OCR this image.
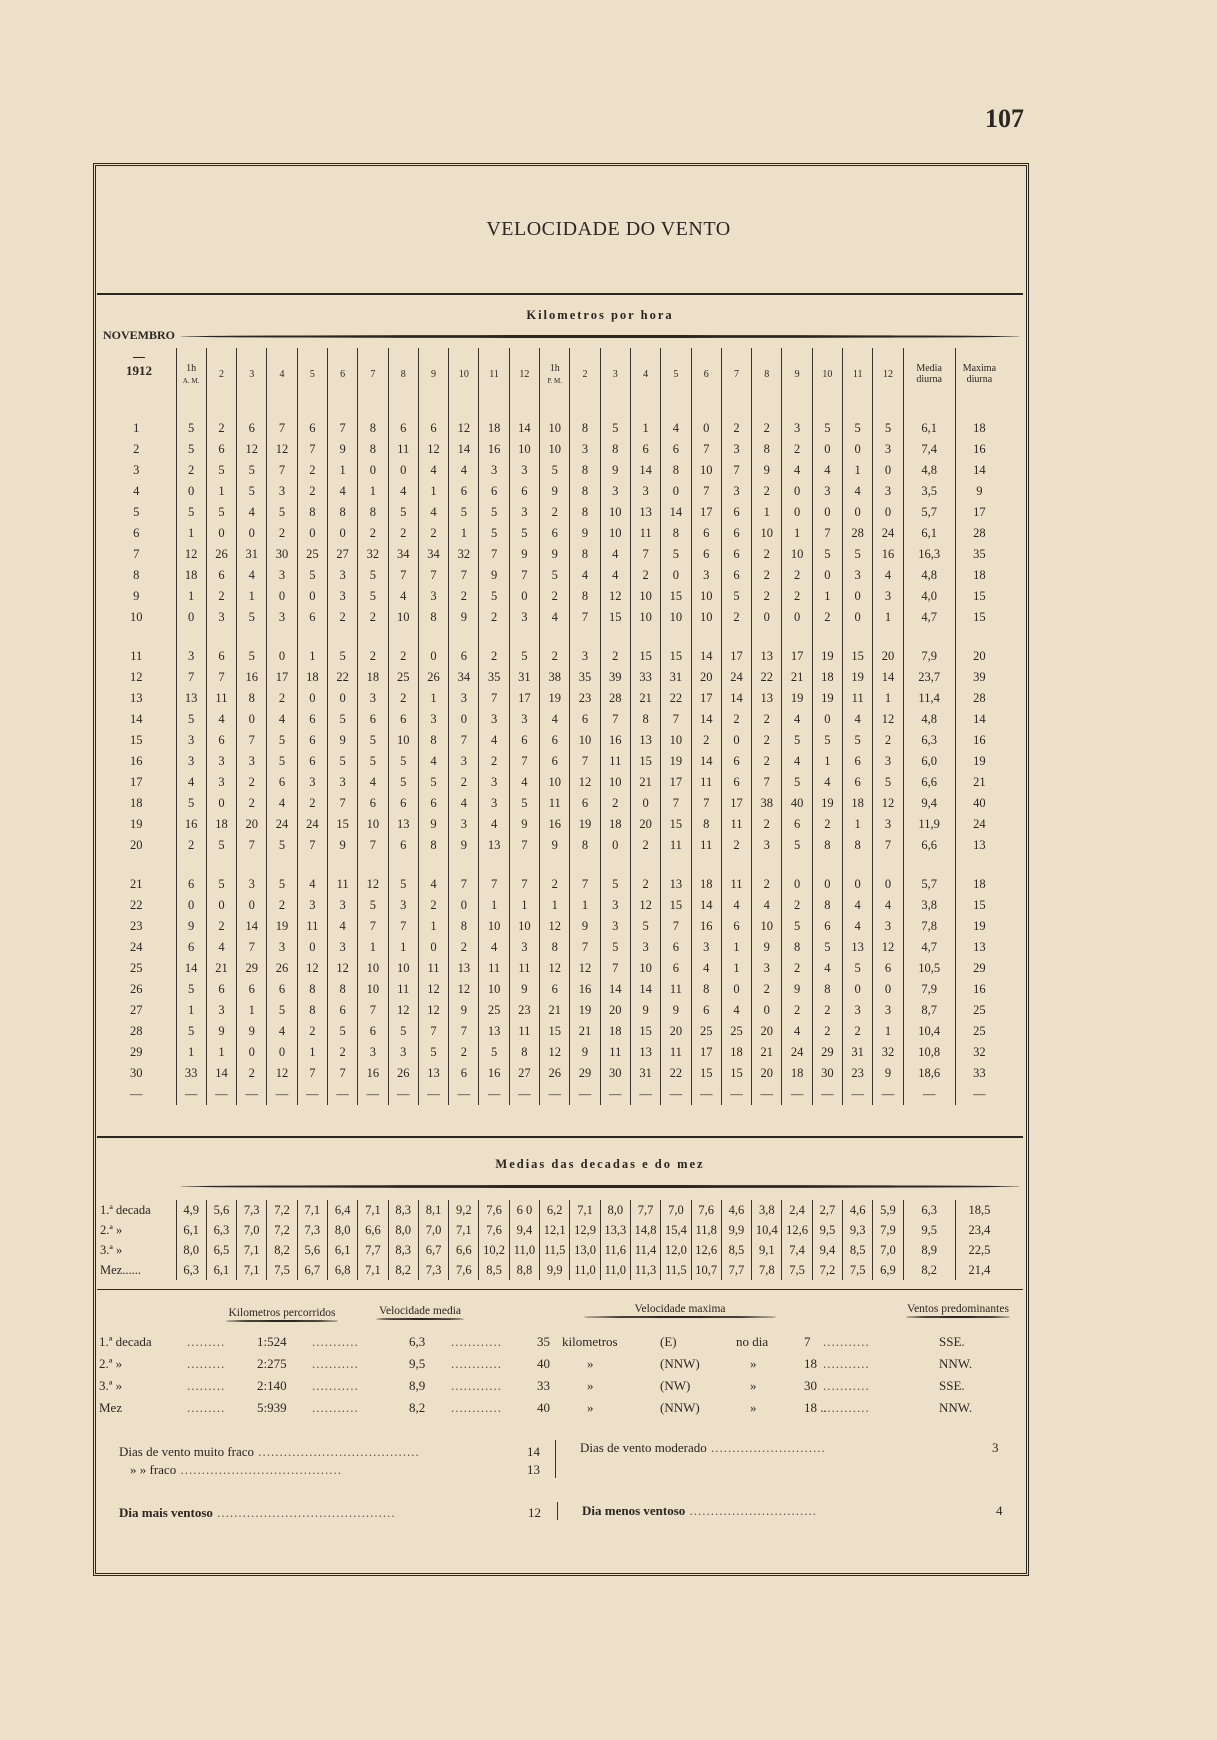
107
VELOCIDADE DO VENTO
Kilometros por hora
NOVEMBRO
1912
		1h
A. M.	2	3	4	5	6	7	8	9	10	11	12	1h
P. M.	2	3	4	5	6	7	8	9	10	11	12	Media diurna	Maxima diurna

1	5	2	6	7	6	7	8	6	6	12	18	14	10	8	5	1	4	0	2	2	3	5	5	5	6,1	18
2	5	6	12	12	7	9	8	11	12	14	16	10	10	3	8	6	6	7	3	8	2	0	0	3	7,4	16
3	2	5	5	7	2	1	0	0	4	4	3	3	5	8	9	14	8	10	7	9	4	4	1	0	4,8	14
4	0	1	5	3	2	4	1	4	1	6	6	6	9	8	3	3	0	7	3	2	0	3	4	3	3,5	9
5	5	5	4	5	8	8	8	5	4	5	5	3	2	8	10	13	14	17	6	1	0	0	0	0	5,7	17
6	1	0	0	2	0	0	2	2	2	1	5	5	6	9	10	11	8	6	6	10	1	7	28	24	6,1	28
7	12	26	31	30	25	27	32	34	34	32	7	9	9	8	4	7	5	6	6	2	10	5	5	16	16,3	35
8	18	6	4	3	5	3	5	7	7	7	9	7	5	4	4	2	0	3	6	2	2	0	3	4	4,8	18
9	1	2	1	0	0	3	5	4	3	2	5	0	2	8	12	10	15	10	5	2	2	1	0	3	4,0	15
10	0	3	5	3	6	2	2	10	8	9	2	3	4	7	15	10	10	10	2	0	0	2	0	1	4,7	15

11	3	6	5	0	1	5	2	2	0	6	2	5	2	3	2	15	15	14	17	13	17	19	15	20	7,9	20
12	7	7	16	17	18	22	18	25	26	34	35	31	38	35	39	33	31	20	24	22	21	18	19	14	23,7	39
13	13	11	8	2	0	0	3	2	1	3	7	17	19	23	28	21	22	17	14	13	19	19	11	1	11,4	28
14	5	4	0	4	6	5	6	6	3	0	3	3	4	6	7	8	7	14	2	2	4	0	4	12	4,8	14
15	3	6	7	5	6	9	5	10	8	7	4	6	6	10	16	13	10	2	0	2	5	5	5	2	6,3	16
16	3	3	3	5	6	5	5	5	4	3	2	7	6	7	11	15	19	14	6	2	4	1	6	3	6,0	19
17	4	3	2	6	3	3	4	5	5	2	3	4	10	12	10	21	17	11	6	7	5	4	6	5	6,6	21
18	5	0	2	4	2	7	6	6	6	4	3	5	11	6	2	0	7	7	17	38	40	19	18	12	9,4	40
19	16	18	20	24	24	15	10	13	9	3	4	9	16	19	18	20	15	8	11	2	6	2	1	3	11,9	24
20	2	5	7	5	7	9	7	6	8	9	13	7	9	8	0	2	11	11	2	3	5	8	8	7	6,6	13

21	6	5	3	5	4	11	12	5	4	7	7	7	2	7	5	2	13	18	11	2	0	0	0	0	5,7	18
22	0	0	0	2	3	3	5	3	2	0	1	1	1	1	3	12	15	14	4	4	2	8	4	4	3,8	15
23	9	2	14	19	11	4	7	7	1	8	10	10	12	9	3	5	7	16	6	10	5	6	4	3	7,8	19
24	6	4	7	3	0	3	1	1	0	2	4	3	8	7	5	3	6	3	1	9	8	5	13	12	4,7	13
25	14	21	29	26	12	12	10	10	11	13	11	11	12	12	7	10	6	4	1	3	2	4	5	6	10,5	29
26	5	6	6	6	8	8	10	11	12	12	10	9	6	16	14	14	11	8	0	2	9	8	0	0	7,9	16
27	1	3	1	5	8	6	7	12	12	9	25	23	21	19	20	9	9	6	4	0	2	2	3	3	8,7	25
28	5	9	9	4	2	5	6	5	7	7	13	11	15	21	18	15	20	25	25	20	4	2	2	1	10,4	25
29	1	1	0	0	1	2	3	3	5	2	5	8	12	9	11	13	11	17	18	21	24	29	31	32	10,8	32
30	33	14	2	12	7	7	16	26	13	6	16	27	26	29	30	31	22	15	15	20	18	30	23	9	18,6	33
—	—	—	—	—	—	—	—	—	—	—	—	—	—	—	—	—	—	—	—	—	—	—	—	—	—	—
Medias das decadas e do mez
1.ª decada	4,9	5,6	7,3	7,2	7,1	6,4	7,1	8,3	8,1	9,2	7,6	6 0	6,2	7,1	8,0	7,7	7,0	7,6	4,6	3,8	2,4	2,7	4,6	5,9	6,3	18,5
2.ª »	6,1	6,3	7,0	7,2	7,3	8,0	6,6	8,0	7,0	7,1	7,6	9,4	12,1	12,9	13,3	14,8	15,4	11,8	9,9	10,4	12,6	9,5	9,3	7,9	9,5	23,4
3.ª »	8,0	6,5	7,1	8,2	5,6	6,1	7,7	8,3	6,7	6,6	10,2	11,0	11,5	13,0	11,6	11,4	12,0	12,6	8,5	9,1	7,4	9,4	8,5	7,0	8,9	22,5
Mez......	6,3	6,1	7,1	7,5	6,7	6,8	7,1	8,2	7,3	7,6	8,5	8,8	9,9	11,0	11,0	11,3	11,5	10,7	7,7	7,8	7,5	7,2	7,5	6,9	8,2	21,4
Kilometros percorridos	Velocidade media	Velocidade maxima	Ventos predominantes
1.ª decada	1:524	6,3	35 kilometros	(E)	no dia	7	SSE.
.........	...........	............	...........
2.ª »	2:275	9,5	40	»	(NNW)	»	18	NNW.
.........	...........	............	...........
3.ª »	2:140	8,9	33	»	(NW)	»	30	SSE.
.........	...........	............	...........
Mez	5:939	8,2	40	»	(NNW)	»	18 ..	NNW.
.........	...........	............	...........
Dias de vento muito fraco ......................................	14
» » fraco ......................................	13
Dias de vento moderado ...........................	3
Dia mais ventoso ..........................................	12	Dia menos ventoso ..............................	4
